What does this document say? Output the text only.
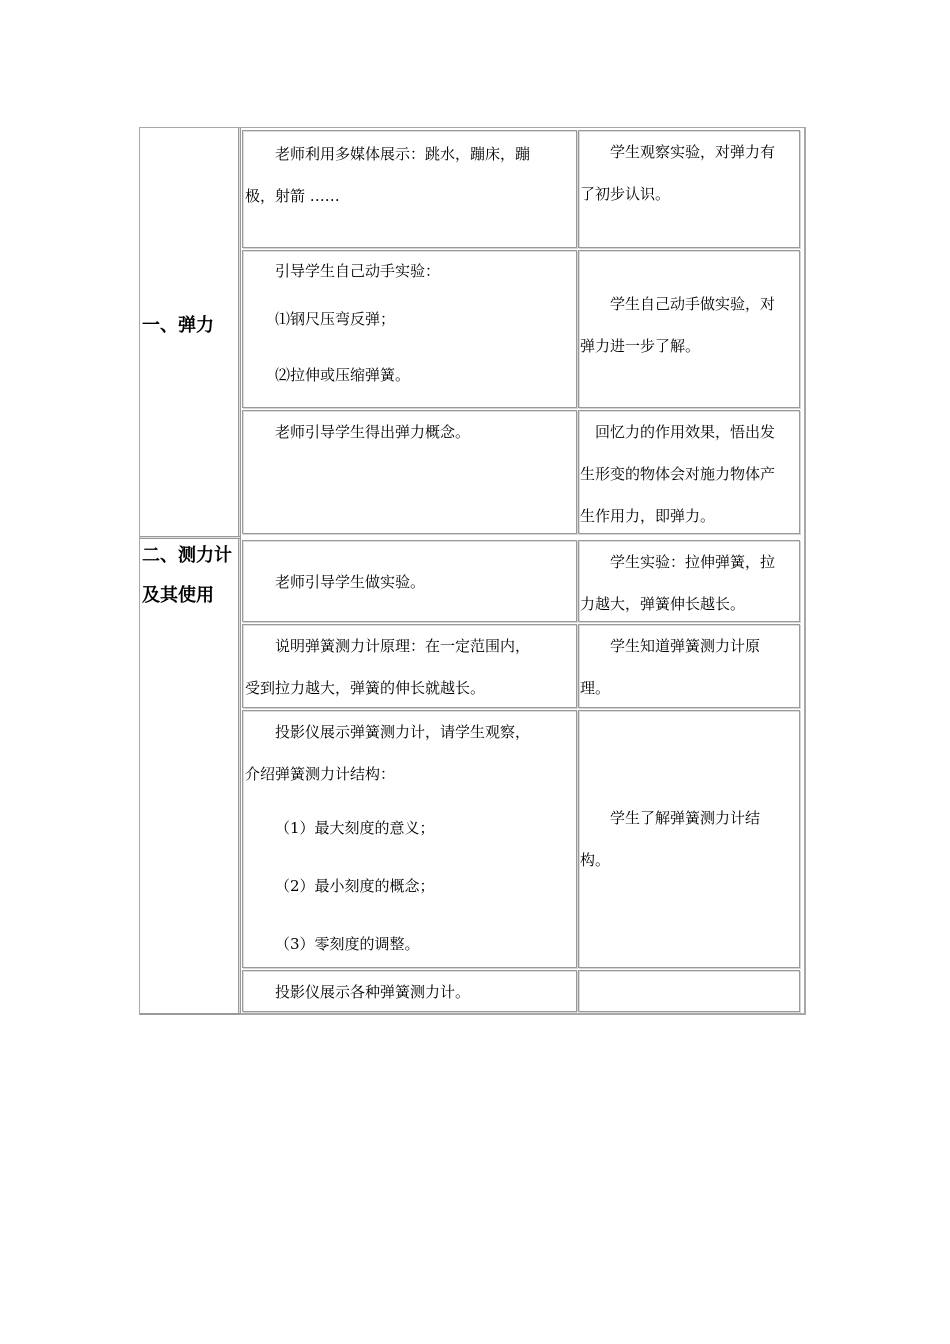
一、弹力
二、测力计
及其使用

老师利用多媒体展示：跳水，蹦床，蹦

极，射箭 ……

学生观察实验，对弹力有

了初步认识。

引导学生自己动手实验：

⑴钢尺压弯反弹；

⑵拉伸或压缩弹簧。

学生自己动手做实验，对

弹力进一步了解。

老师引导学生得出弹力概念。	回忆力的作用效果，悟出发

生形变的物体会对施力物体产

生作用力，即弹力。

老师引导学生做实验。

学生实验：拉伸弹簧，拉

力越大，弹簧伸长越长。

说明弹簧测力计原理：在一定范围内，

受到拉力越大，弹簧的伸长就越长。

学生知道弹簧测力计原

理。

投影仪展示弹簧测力计，请学生观察，

介绍弹簧测力计结构：

（1）最大刻度的意义；

（2）最小刻度的概念；

（3）零刻度的调整。

学生了解弹簧测力计结

构。

投影仪展示各种弹簧测力计。
